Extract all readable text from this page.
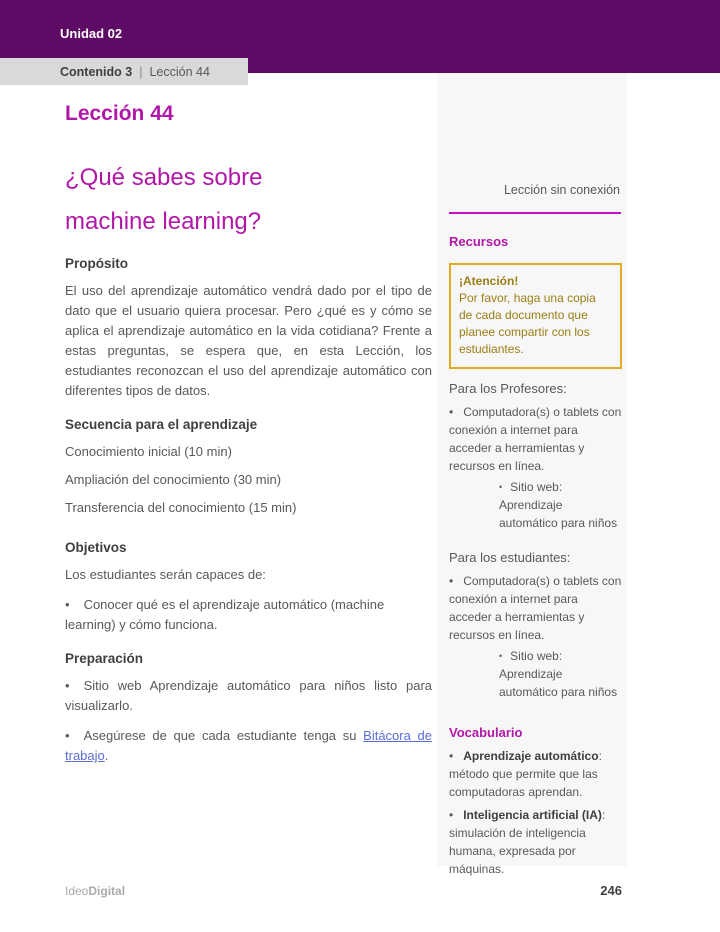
Unidad 02
Contenido 3 | Lección 44
Lección 44
¿Qué sabes sobre
machine learning?
Propósito

El uso del aprendizaje automático vendrá dado por el tipo de dato que el usuario quiera procesar. Pero ¿qué es y cómo se aplica el aprendizaje automático en la vida cotidiana? Frente a estas preguntas, se espera que, en esta Lección, los estudiantes reconozcan el uso del aprendizaje automático con diferentes tipos de datos.

Secuencia para el aprendizaje

Conocimiento inicial (10 min)

Ampliación del conocimiento (30 min)

Transferencia del conocimiento (15 min)

Objetivos

Los estudiantes serán capaces de:

• Conocer qué es el aprendizaje automático (machine learning) y cómo funciona.

Preparación

• Sitio web Aprendizaje automático para niños listo para visualizarlo.

• Asegúrese de que cada estudiante tenga su Bitácora de trabajo.

Lección sin conexión
Recursos
¡Atención!
Por favor, haga una copia de cada documento que planee compartir con los estudiantes.

Para los Profesores:

• Computadora(s) o tablets con conexión a internet para acceder a herramientas y recursos en línea.

• Sitio web: Aprendizaje automático para niños

Para los estudiantes:

• Computadora(s) o tablets con conexión a internet para acceder a herramientas y recursos en línea.

• Sitio web: Aprendizaje automático para niños

Vocabulario

• Aprendizaje automático: método que permite que las computadoras aprendan.

• Inteligencia artificial (IA): simulación de inteligencia humana, expresada por máquinas.

IdeoDigital	246
